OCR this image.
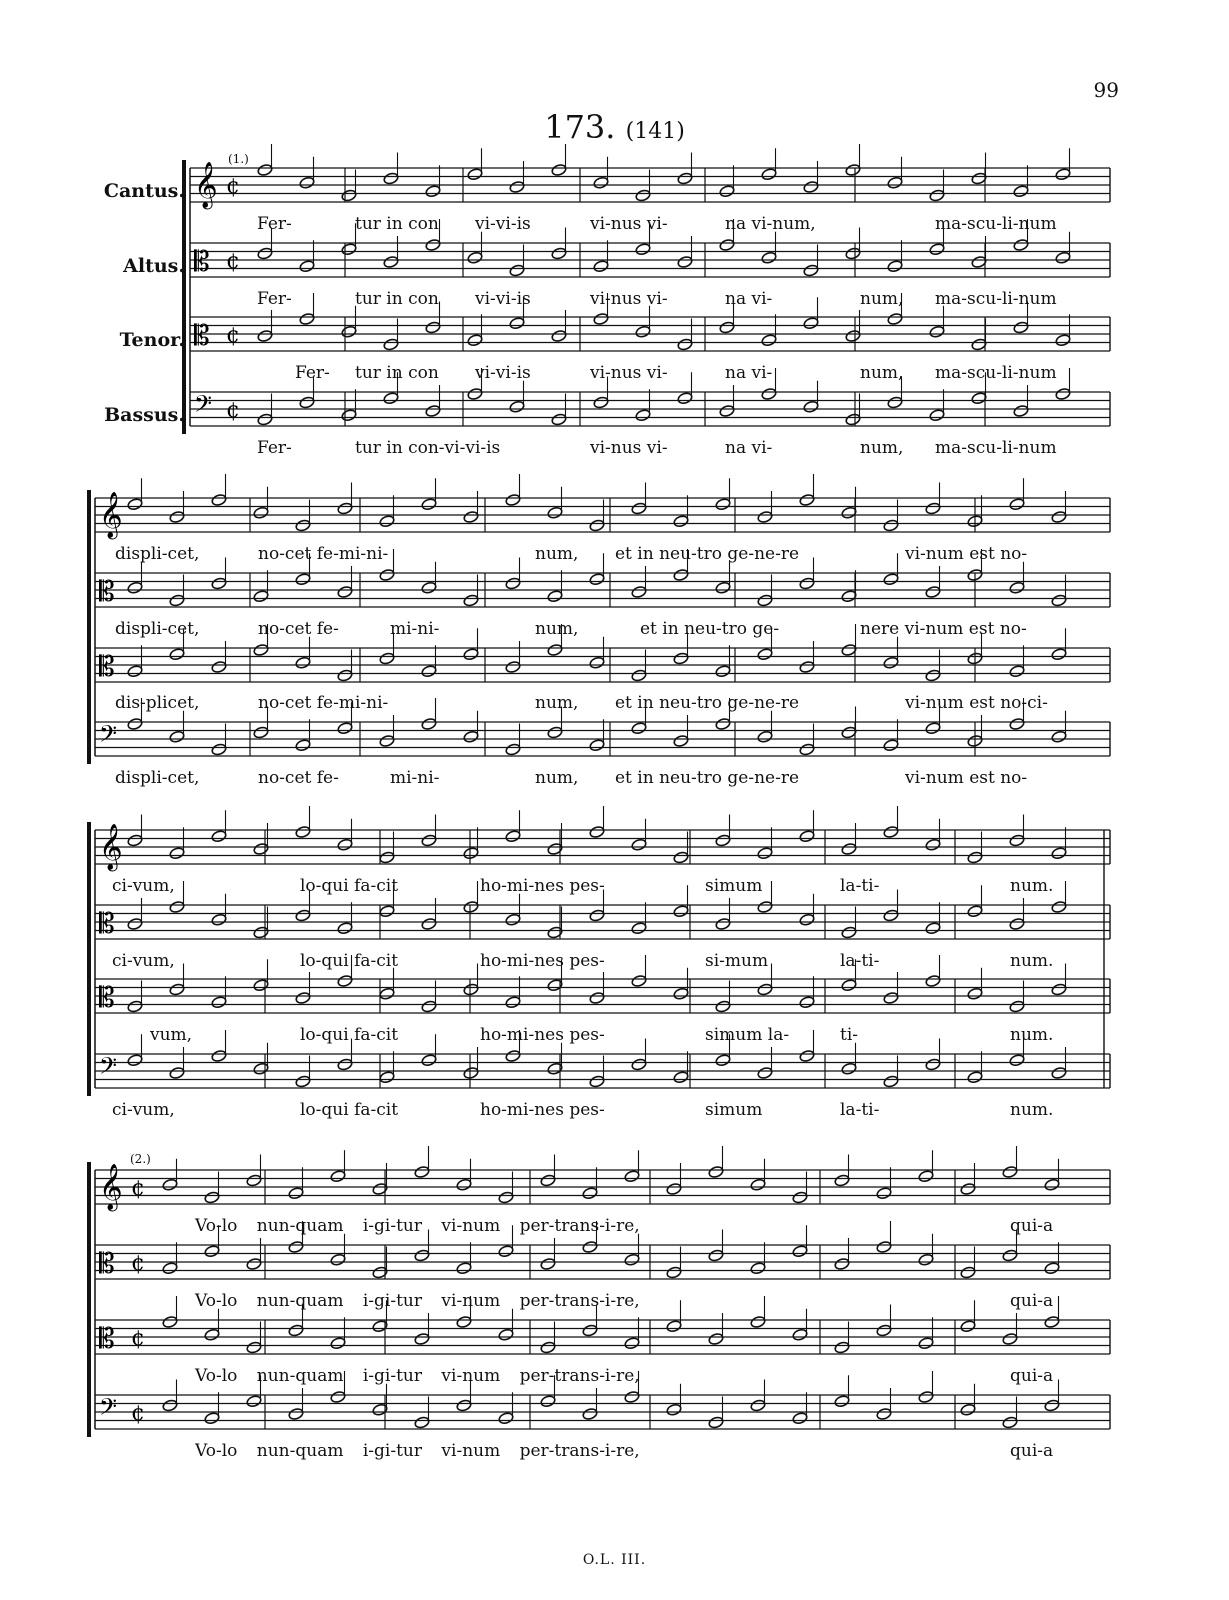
99
173. (141)
Cantus.
Altus.
Tenor.
Bassus.
(1.)
(2.)
𝄞 ¢
𝄡 ¢
𝄡 ¢
𝄢 ¢
𝄞
𝄡
𝄡
𝄢
𝄞
𝄡
𝄡
𝄢
𝄞 ¢
𝄡 ¢
𝄡 ¢
𝄢 ¢
Fer-	tur in con vi-vi-is	vi-nus vi-	na vi-num,	ma-scu-li-num
Fer-	tur in con vi-vi-is	vi-nus vi-	na vi-	num, ma-scu-li-num
Fer- tur in con vi-vi-is	vi-nus vi-	na vi-	num, ma-scu-li-num
Fer-	tur in con-vi-vi-is	vi-nus vi-	na vi-	num, ma-scu-li-num
displi-cet,	no-cet fe-mi-ni-	num, et in neu-tro ge-ne-re	vi-num est no-
displi-cet,	no-cet fe-	mi-ni-	num,	et in neu-tro ge-	nere vi-num est no-
dis-plicet,	no-cet fe-mi-ni-	num, et in neu-tro ge-ne-re	vi-num est no-ci-
displi-cet,	no-cet fe-	mi-ni-	num, et in neu-tro ge-ne-re	vi-num est no-
ci-vum,	lo-qui fa-cit	ho-mi-nes pes-	simum	la-ti-	num.
ci-vum,	lo-qui fa-cit	ho-mi-nes pes-	si-mum	la-ti-	num.
vum,	lo-qui fa-cit	ho-mi-nes pes-	simum la-	ti-	num.
ci-vum,	lo-qui fa-cit	ho-mi-nes pes-	simum	la-ti-	num.
Vo-lo nun-quam i-gi-tur vi-num per-trans-i-re,	qui-a
Vo-lo nun-quam i-gi-tur vi-num per-trans-i-re,	qui-a
Vo-lo nun-quam i-gi-tur vi-num per-trans-i-re,	qui-a
Vo-lo nun-quam i-gi-tur vi-num per-trans-i-re,	qui-a
O.L. III.
